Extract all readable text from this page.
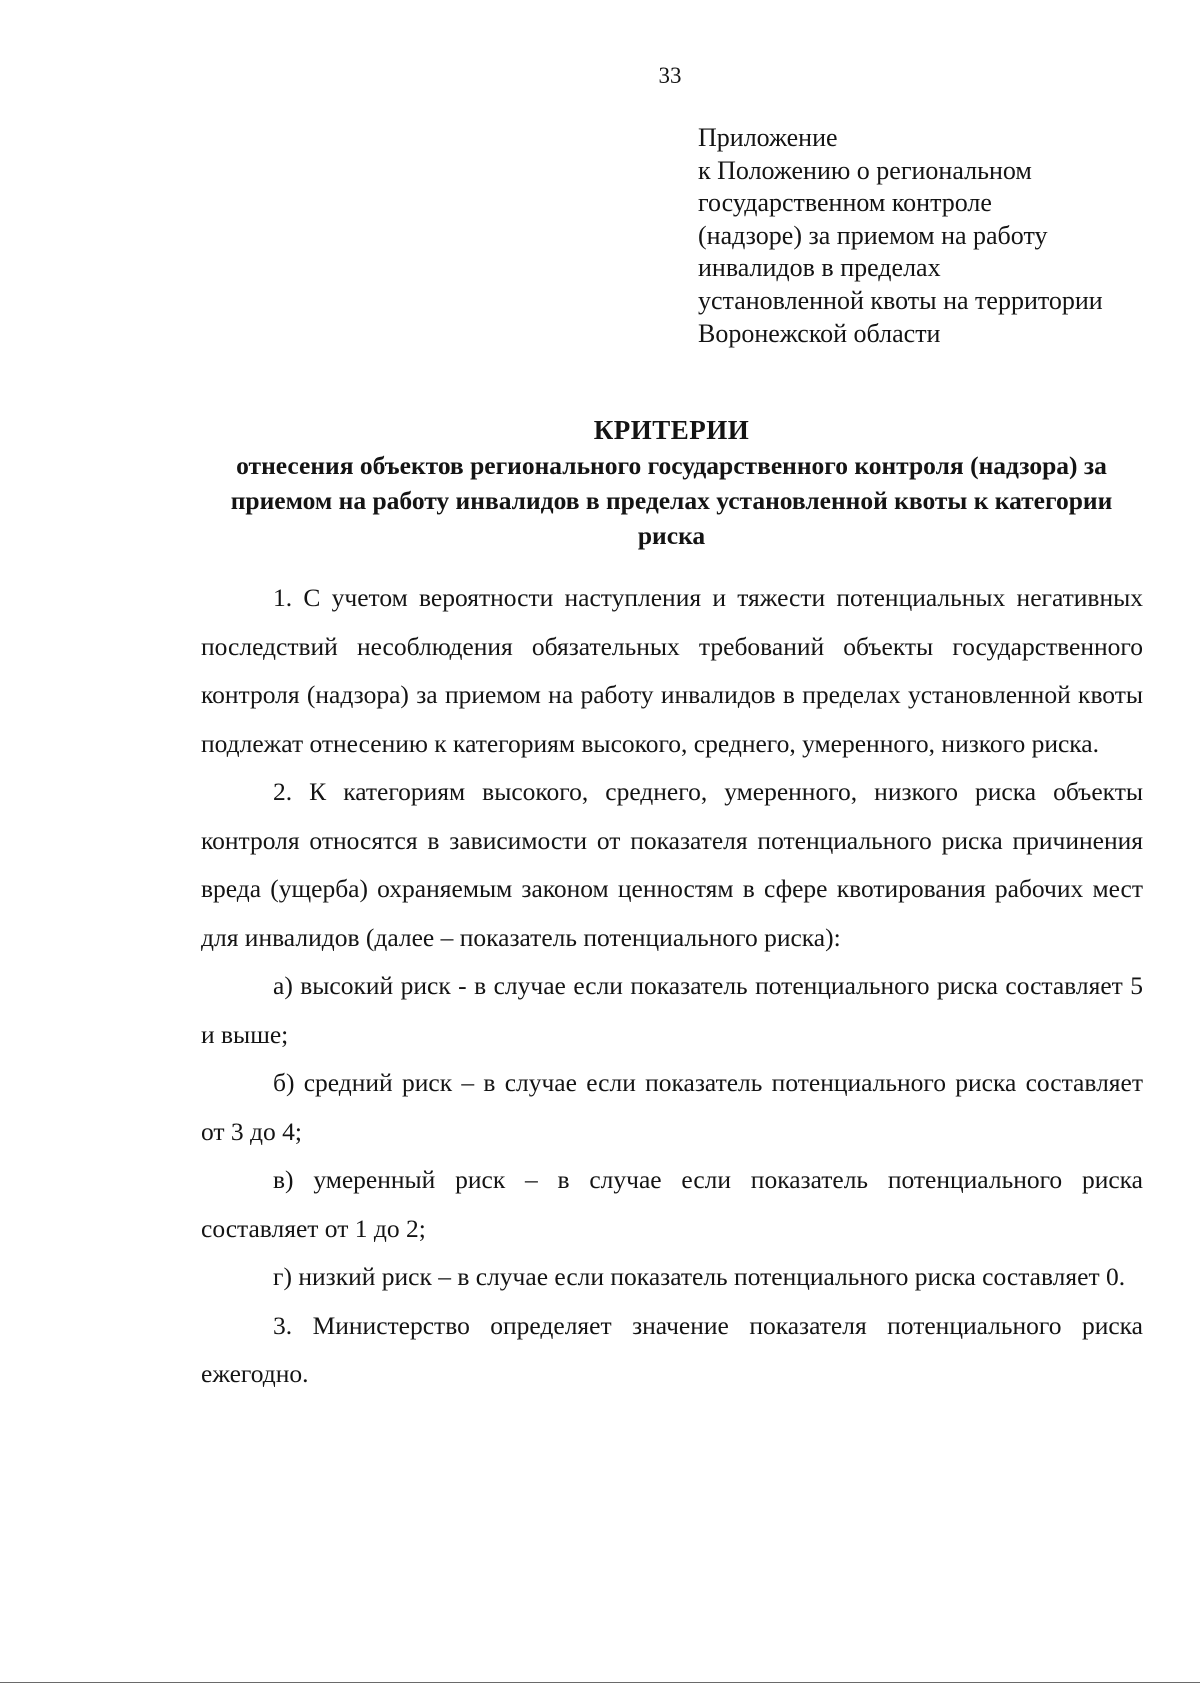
33
Приложение
к Положению о региональном
государственном контроле
(надзоре) за приемом на работу
инвалидов в пределах
установленной квоты на территории
Воронежской области
КРИТЕРИИ
отнесения объектов регионального государственного контроля (надзора) за приемом на работу инвалидов в пределах установленной квоты к категории риска

1. С учетом вероятности наступления и тяжести потенциальных негативных последствий несоблюдения обязательных требований объекты государственного контроля (надзора) за приемом на работу инвалидов в пределах установленной квоты подлежат отнесению к категориям высокого, среднего, умеренного, низкого риска.

2. К категориям высокого, среднего, умеренного, низкого риска объекты контроля относятся в зависимости от показателя потенциального риска причинения вреда (ущерба) охраняемым законом ценностям в сфере квотирования рабочих мест для инвалидов (далее – показатель потенциального риска):

а) высокий риск - в случае если показатель потенциального риска составляет 5 и выше;

б) средний риск – в случае если показатель потенциального риска составляет от 3 до 4;

в) умеренный риск – в случае если показатель потенциального риска составляет от 1 до 2;

г) низкий риск – в случае если показатель потенциального риска составляет 0.

3. Министерство определяет значение показателя потенциального риска ежегодно.
